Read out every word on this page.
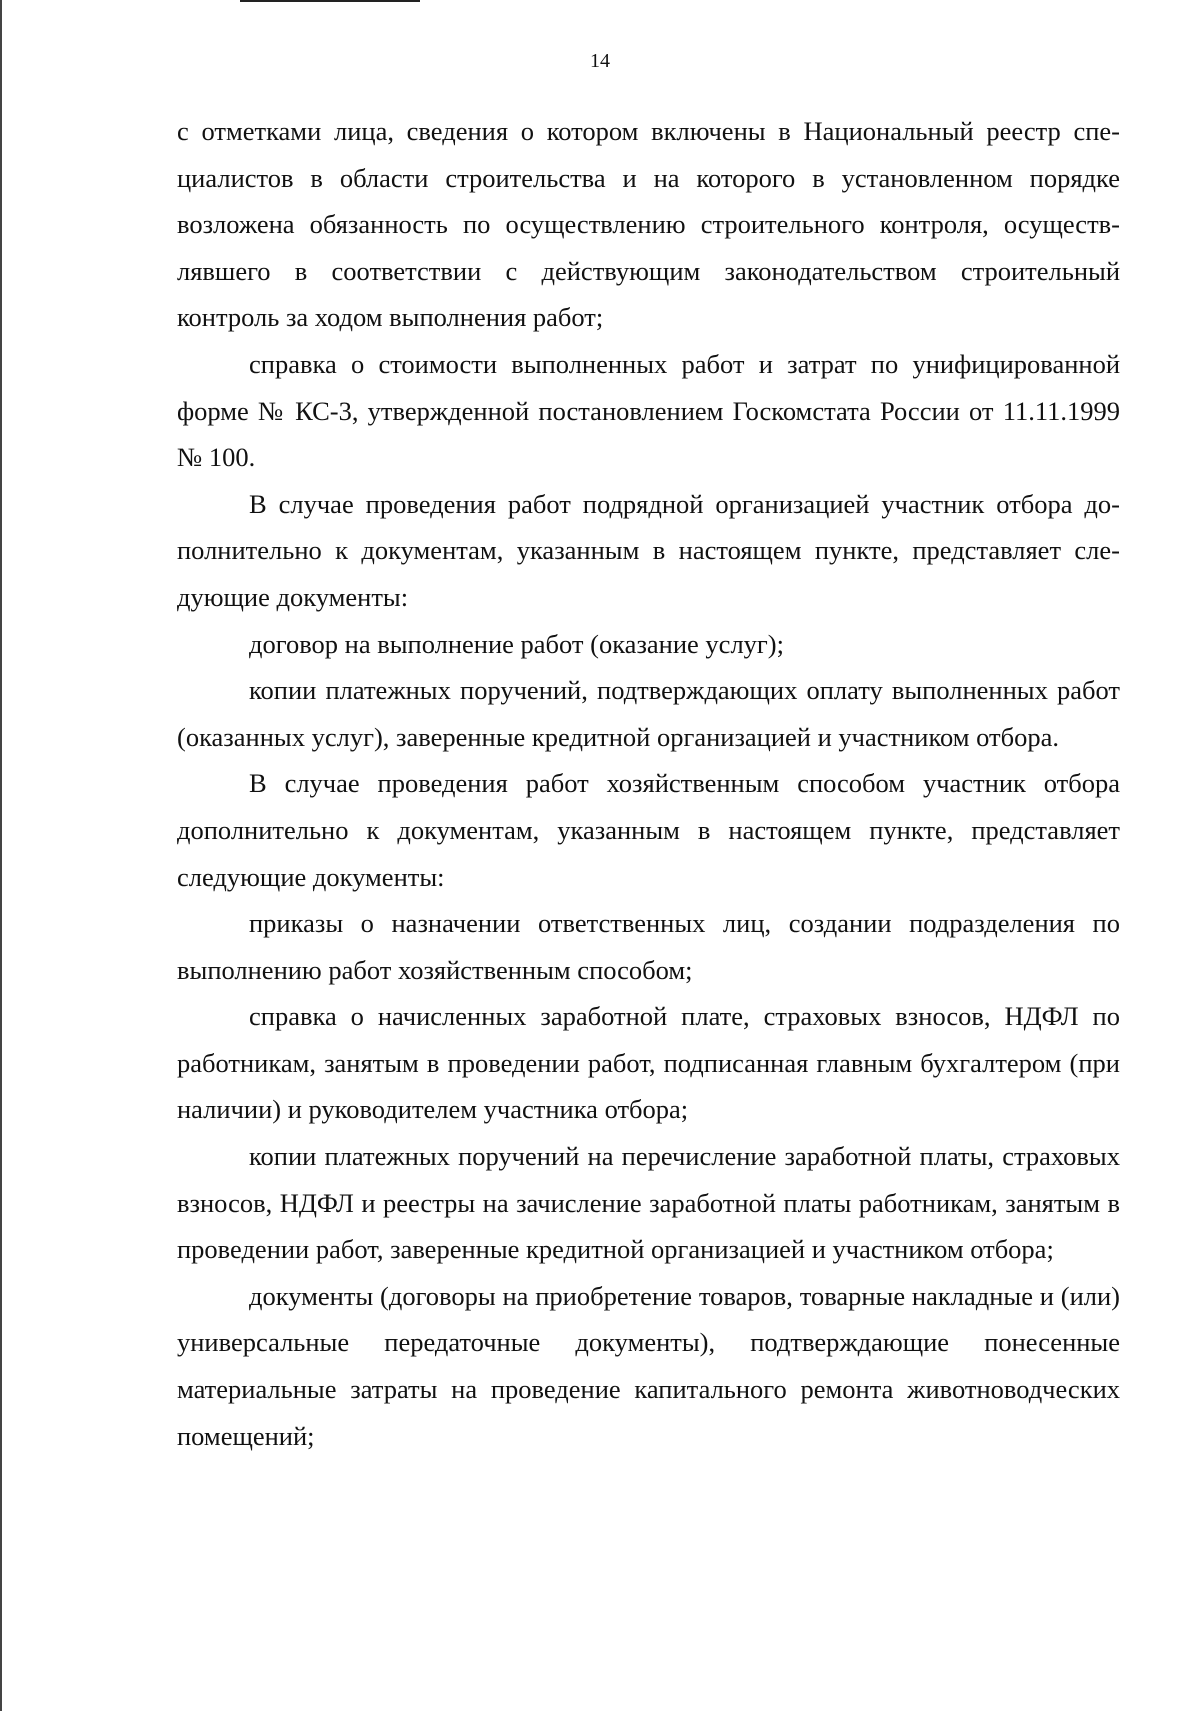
14

с отметками лица, сведения о котором включены в Национальный реестр специалистов в области строительства и на которого в установленном порядке возложена обязанность по осуществлению строительного контроля, осуществлявшего в соответствии с действующим законодательством строительный контроль за ходом выполнения работ;

справка о стоимости выполненных работ и затрат по унифицированной форме № КС-3, утвержденной постановлением Госкомстата России от 11.11.1999 № 100.

В случае проведения работ подрядной организацией участник отбора дополнительно к документам, указанным в настоящем пункте, представляет следующие документы:

договор на выполнение работ (оказание услуг);

копии платежных поручений, подтверждающих оплату выполненных работ (оказанных услуг), заверенные кредитной организацией и участником отбора.

В случае проведения работ хозяйственным способом участник отбора дополнительно к документам, указанным в настоящем пункте, представляет следующие документы:

приказы о назначении ответственных лиц, создании подразделения по выполнению работ хозяйственным способом;

справка о начисленных заработной плате, страховых взносов, НДФЛ по работникам, занятым в проведении работ, подписанная главным бухгалтером (при наличии) и руководителем участника отбора;

копии платежных поручений на перечисление заработной платы, страховых взносов, НДФЛ и реестры на зачисление заработной платы работникам, занятым в проведении работ, заверенные кредитной организацией и участником отбора;

документы (договоры на приобретение товаров, товарные накладные и (или) универсальные передаточные документы), подтверждающие понесенные материальные затраты на проведение капитального ремонта животноводческих помещений;
